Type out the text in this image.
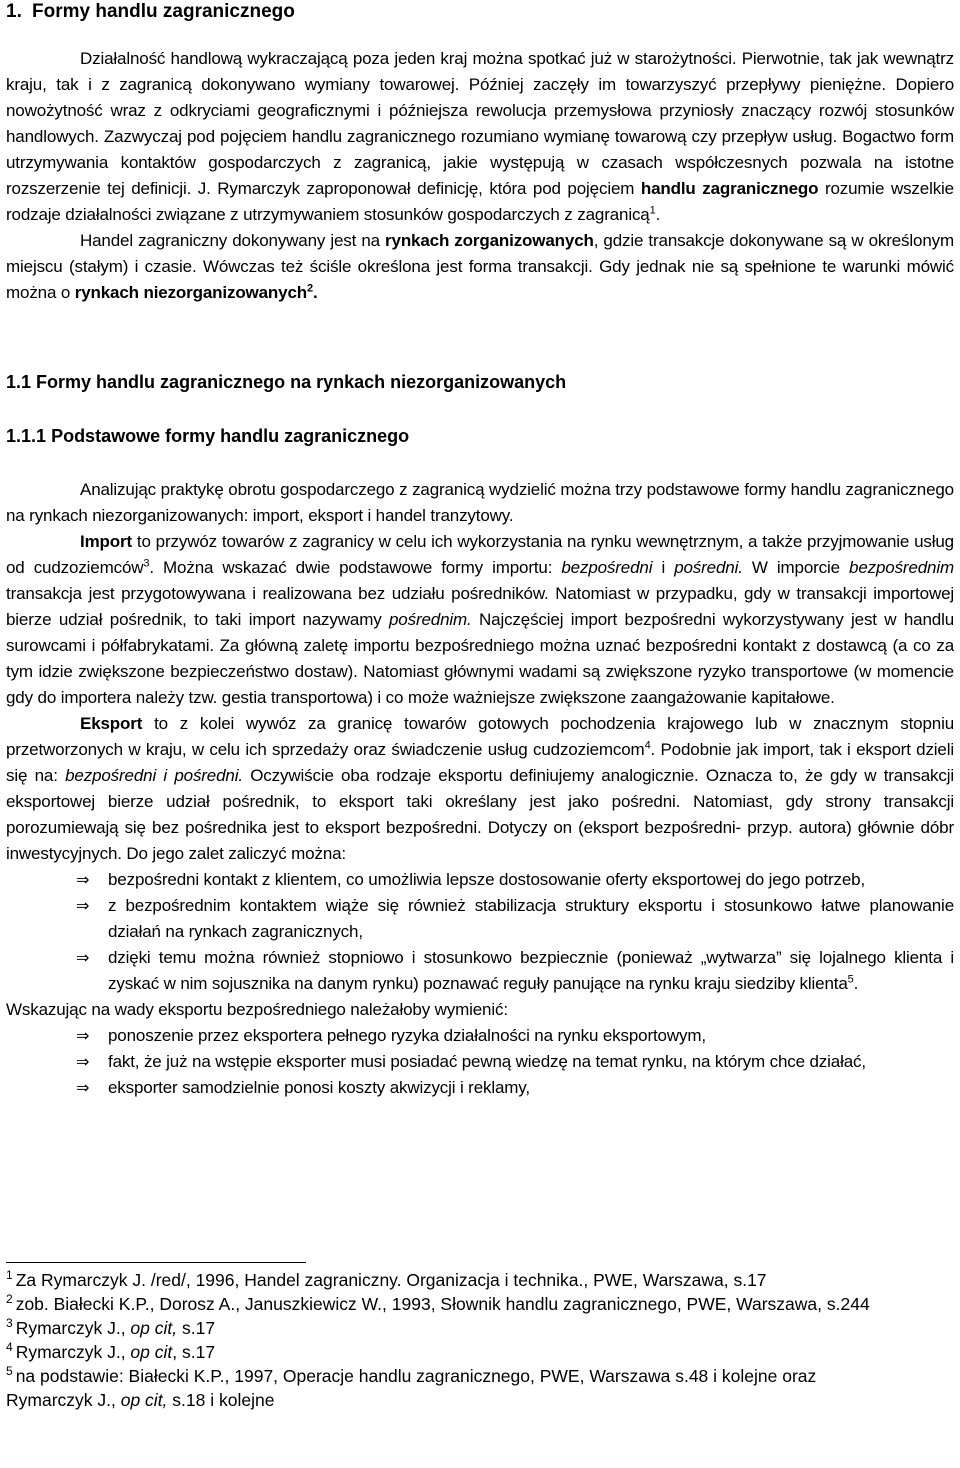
1. Formy handlu zagranicznego

Działalność handlową wykraczającą poza jeden kraj można spotkać już w starożytności. Pierwotnie, tak jak wewnątrz kraju, tak i z zagranicą dokonywano wymiany towarowej. Później zaczęły im towarzyszyć przepływy pieniężne. Dopiero nowożytność wraz z odkryciami geograficznymi i późniejsza rewolucja przemysłowa przyniosły znaczący rozwój stosunków handlowych. Zazwyczaj pod pojęciem handlu zagranicznego rozumiano wymianę towarową czy przepływ usług. Bogactwo form utrzymywania kontaktów gospodarczych z zagranicą, jakie występują w czasach współczesnych pozwala na istotne rozszerzenie tej definicji. J. Rymarczyk zaproponował definicję, która pod pojęciem handlu zagranicznego rozumie wszelkie rodzaje działalności związane z utrzymywaniem stosunków gospodarczych z zagranicą$^1$.

Handel zagraniczny dokonywany jest na rynkach zorganizowanych, gdzie transakcje dokonywane są w określonym miejscu (stałym) i czasie. Wówczas też ściśle określona jest forma transakcji. Gdy jednak nie są spełnione te warunki mówić można o rynkach niezorganizowanych$^2$.

1.1 Formy handlu zagranicznego na rynkach niezorganizowanych
1.1.1 Podstawowe formy handlu zagranicznego

Analizując praktykę obrotu gospodarczego z zagranicą wydzielić można trzy podstawowe formy handlu zagranicznego na rynkach niezorganizowanych: import, eksport i handel tranzytowy.

Import to przywóz towarów z zagranicy w celu ich wykorzystania na rynku wewnętrznym, a także przyjmowanie usług od cudzoziemców$^3$. Można wskazać dwie podstawowe formy importu: bezpośredni i pośredni. W imporcie bezpośrednim transakcja jest przygotowywana i realizowana bez udziału pośredników. Natomiast w przypadku, gdy w transakcji importowej bierze udział pośrednik, to taki import nazywamy pośrednim. Najczęściej import bezpośredni wykorzystywany jest w handlu surowcami i półfabrykatami. Za główną zaletę importu bezpośredniego można uznać bezpośredni kontakt z dostawcą (a co za tym idzie zwiększone bezpieczeństwo dostaw). Natomiast głównymi wadami są zwiększone ryzyko transportowe (w momencie gdy do importera należy tzw. gestia transportowa) i co może ważniejsze zwiększone zaangażowanie kapitałowe.

Eksport to z kolei wywóz za granicę towarów gotowych pochodzenia krajowego lub w znacznym stopniu przetworzonych w kraju, w celu ich sprzedaży oraz świadczenie usług cudzoziemcom$^4$. Podobnie jak import, tak i eksport dzieli się na: bezpośredni i pośredni. Oczywiście oba rodzaje eksportu definiujemy analogicznie. Oznacza to, że gdy w transakcji eksportowej bierze udział pośrednik, to eksport taki określany jest jako pośredni. Natomiast, gdy strony transakcji porozumiewają się bez pośrednika jest to eksport bezpośredni. Dotyczy on (eksport bezpośredni- przyp. autora) głównie dóbr inwestycyjnych. Do jego zalet zaliczyć można:

⇒ bezpośredni kontakt z klientem, co umożliwia lepsze dostosowanie oferty eksportowej do jego potrzeb,
⇒ z bezpośrednim kontaktem wiąże się również stabilizacja struktury eksportu i stosunkowo łatwe planowanie działań na rynkach zagranicznych,
⇒ dzięki temu można również stopniowo i stosunkowo bezpiecznie (ponieważ „wytwarza” się lojalnego klienta i zyskać w nim sojusznika na danym rynku) poznawać reguły panujące na rynku kraju siedziby klienta$^5$.

Wskazując na wady eksportu bezpośredniego należałoby wymienić:

⇒ ponoszenie przez eksportera pełnego ryzyka działalności na rynku eksportowym,
⇒ fakt, że już na wstępie eksporter musi posiadać pewną wiedzę na temat rynku, na którym chce działać,
⇒ eksporter samodzielnie ponosi koszty akwizycji i reklamy,

$^1$ Za Rymarczyk J. /red/, 1996, Handel zagraniczny. Organizacja i technika., PWE, Warszawa, s.17

$^2$ zob. Białecki K.P., Dorosz A., Januszkiewicz W., 1993, Słownik handlu zagranicznego, PWE, Warszawa, s.244

$^3$ Rymarczyk J., op cit, s.17

$^4$ Rymarczyk J., op cit, s.17

$^5$ na podstawie: Białecki K.P., 1997, Operacje handlu zagranicznego, PWE, Warszawa s.48 i kolejne oraz

Rymarczyk J., op cit, s.18 i kolejne
